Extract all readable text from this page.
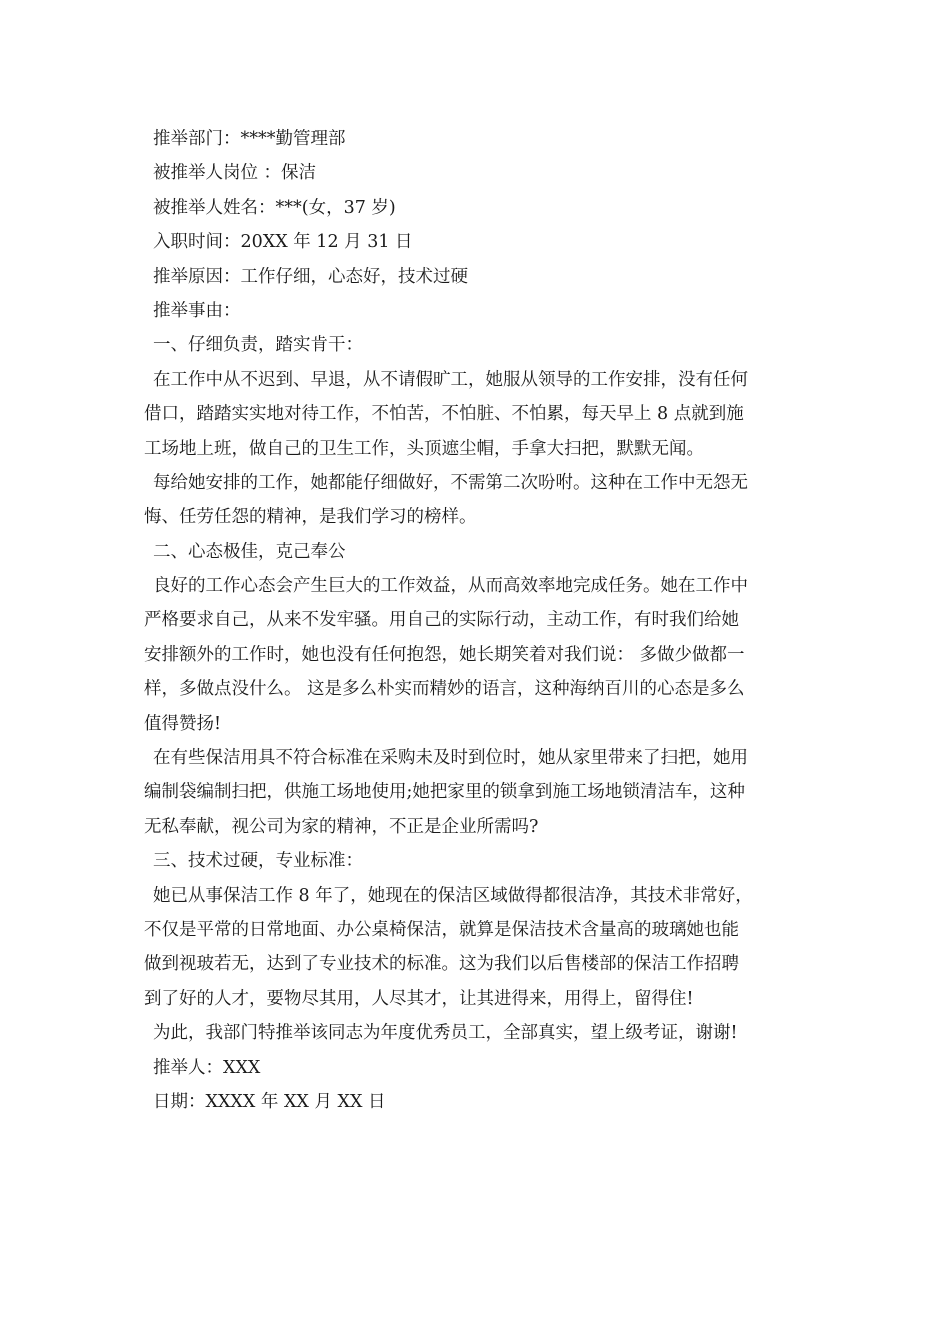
推举部门：****勤管理部
被推举人岗位 ：保洁
被推举人姓名：***(女，37 岁)
入职时间：20XX 年 12 月 31 日
推举原因：工作仔细，心态好，技术过硬
推举事由：
一、仔细负责，踏实肯干：
在工作中从不迟到、早退，从不请假旷工，她服从领导的工作安排，没有任何
借口，踏踏实实地对待工作，不怕苦，不怕脏、不怕累，每天早上 8 点就到施
工场地上班，做自己的卫生工作，头顶遮尘帽，手拿大扫把，默默无闻。
每给她安排的工作，她都能仔细做好，不需第二次吩咐。这种在工作中无怨无
悔、任劳任怨的精神，是我们学习的榜样。
二、心态极佳，克己奉公
良好的工作心态会产生巨大的工作效益，从而高效率地完成任务。她在工作中
严格要求自己，从来不发牢骚。用自己的实际行动，主动工作，有时我们给她
安排额外的工作时，她也没有任何抱怨，她长期笑着对我们说： 多做少做都一
样，多做点没什么。 这是多么朴实而精妙的语言，这种海纳百川的心态是多么
值得赞扬!
在有些保洁用具不符合标准在采购未及时到位时，她从家里带来了扫把，她用
编制袋编制扫把，供施工场地使用;她把家里的锁拿到施工场地锁清洁车，这种
无私奉献，视公司为家的精神，不正是企业所需吗?
三、技术过硬，专业标准：
她已从事保洁工作 8 年了，她现在的保洁区域做得都很洁净，其技术非常好，
不仅是平常的日常地面、办公桌椅保洁，就算是保洁技术含量高的玻璃她也能
做到视玻若无，达到了专业技术的标准。这为我们以后售楼部的保洁工作招聘
到了好的人才，要物尽其用，人尽其才，让其进得来，用得上，留得住!
为此，我部门特推举该同志为年度优秀员工，全部真实，望上级考证，谢谢!
推举人：XXX
日期：XXXX 年 XX 月 XX 日
